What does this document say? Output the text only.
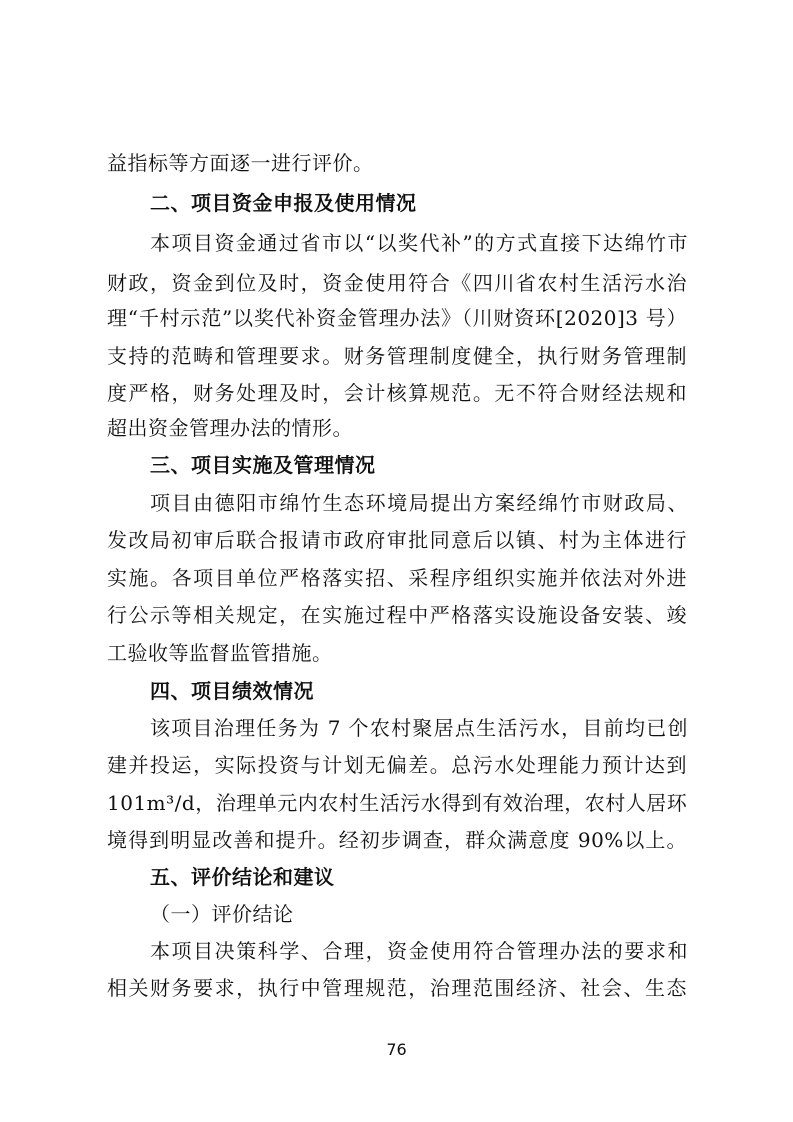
益指标等方面逐一进行评价。
二、项目资金申报及使用情况
本项目资金通过省市以“以奖代补”的方式直接下达绵竹市
财政，资金到位及时，资金使用符合《四川省农村生活污水治
理“千村示范”以奖代补资金管理办法》（川财资环[2020]3 号）
支持的范畴和管理要求。财务管理制度健全，执行财务管理制
度严格，财务处理及时，会计核算规范。无不符合财经法规和
超出资金管理办法的情形。
三、项目实施及管理情况
项目由德阳市绵竹生态环境局提出方案经绵竹市财政局、
发改局初审后联合报请市政府审批同意后以镇、村为主体进行
实施。各项目单位严格落实招、采程序组织实施并依法对外进
行公示等相关规定，在实施过程中严格落实设施设备安装、竣
工验收等监督监管措施。
四、项目绩效情况
该项目治理任务为 7 个农村聚居点生活污水，目前均已创
建并投运，实际投资与计划无偏差。总污水处理能力预计达到
101m³/d，治理单元内农村生活污水得到有效治理，农村人居环
境得到明显改善和提升。经初步调查，群众满意度 90%以上。
五、评价结论和建议
（一）评价结论
本项目决策科学、合理，资金使用符合管理办法的要求和
相关财务要求，执行中管理规范，治理范围经济、社会、生态
76
